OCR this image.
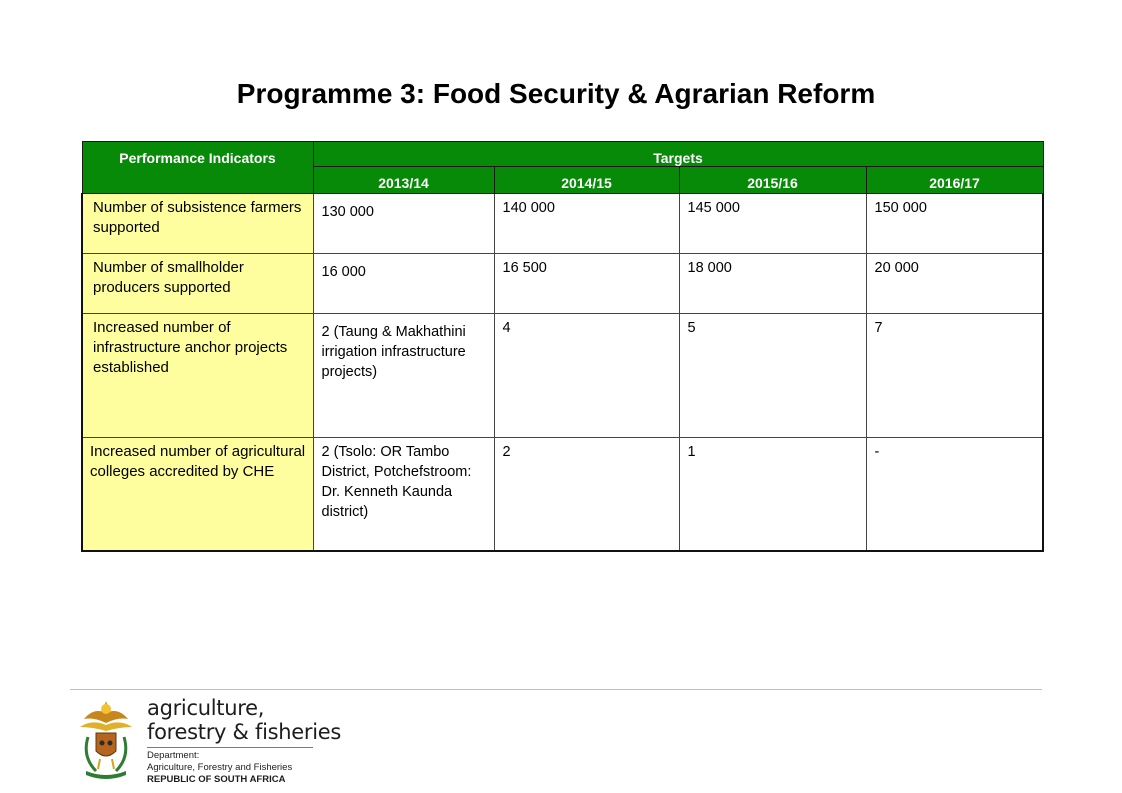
Programme 3: Food Security & Agrarian Reform
Performance Indicators	Targets			
	2013/14	2014/15	2015/16	2016/17
Number of subsistence farmers supported	130 000	140 000	145 000	150 000
Number of smallholder producers supported	16 000	16 500	18 000	20 000
Increased number of infrastructure anchor projects established	2 (Taung & Makhathini irrigation infrastructure projects)	4	5	7
Increased number of agricultural colleges accredited by CHE	2 (Tsolo: OR Tambo District, Potchefstroom: Dr. Kenneth Kaunda district)	2	1	-
agriculture,
forestry & fisheries
Department:
Agriculture, Forestry and Fisheries
REPUBLIC OF SOUTH AFRICA
